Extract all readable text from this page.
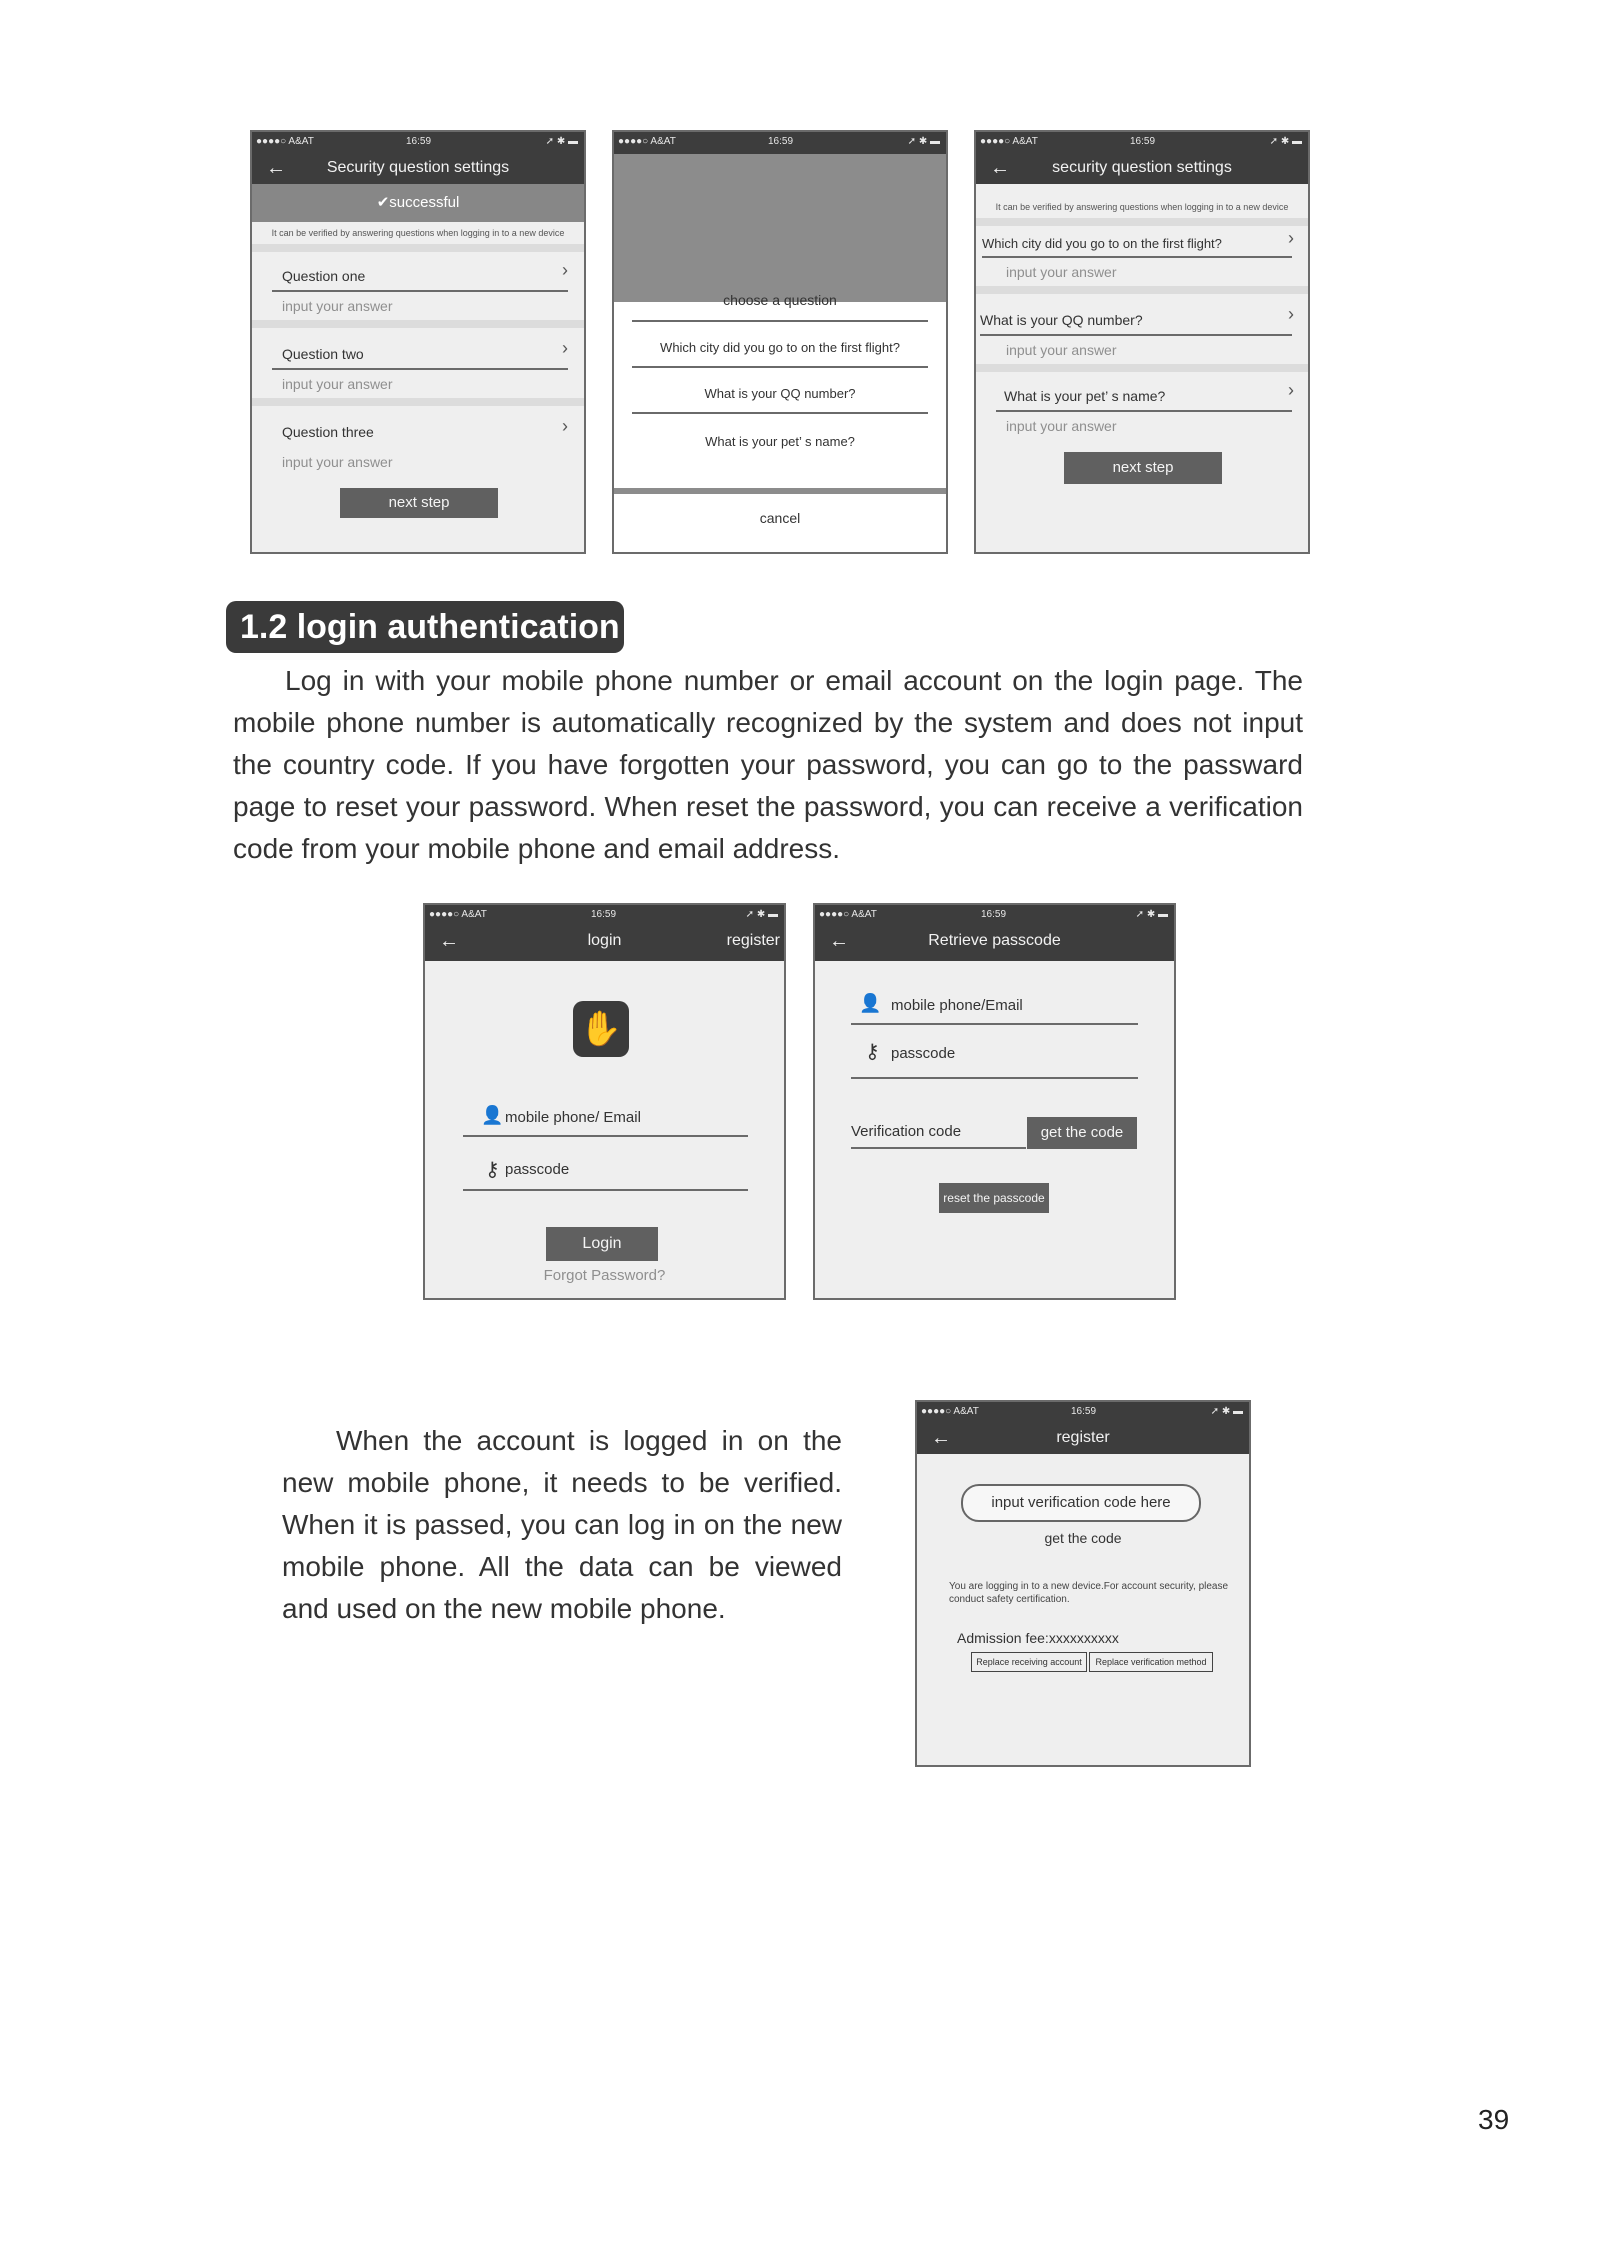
●●●●○ A&AT	16:59	➚ ✱ ▬
←	Security question settings
✔successful
It can be verified by answering questions when logging in to a new device
Question one	›
input your answer
Question two	›
input your answer
Question three	›
input your answer
next step
●●●●○ A&AT	16:59	➚ ✱ ▬
choose a question
Which city did you go to on the first flight?
What is your QQ number?
What is your pet’ s name?
cancel
●●●●○ A&AT	16:59	➚ ✱ ▬
←	security question settings
It can be verified by answering questions when logging in to a new device
Which city did you go to on the first flight?	›
input your answer
What is your QQ number?	›
input your answer
What is your pet’ s name?	›
input your answer
next step
1.2 login authentication
Log in with your mobile phone number or email account on the login page. The mobile phone number is automatically recognized by the system and does not input the country code. If you have forgotten your password, you can go to the passward page to reset your password. When reset the password, you can receive a verification code from your mobile phone and email address.
●●●●○ A&AT	16:59	➚ ✱ ▬
←	login	register
✋
👤 mobile phone/ Email
⚷ passcode
Login
Forgot Password?
●●●●○ A&AT	16:59	➚ ✱ ▬
←	Retrieve passcode
👤 mobile phone/Email
⚷ passcode
Verification code	get the code
reset the passcode
When the account is logged in on the new mobile phone, it needs to be verified. When it is passed, you can log in on the new mobile phone. All the data can be viewed and used on the new mobile phone.
●●●●○ A&AT	16:59	➚ ✱ ▬
←	register
input verification code here
get the code
You are logging in to a new device.For account security, please conduct safety certification.
Admission fee:xxxxxxxxxx
Replace receiving account	Replace verification method
39
